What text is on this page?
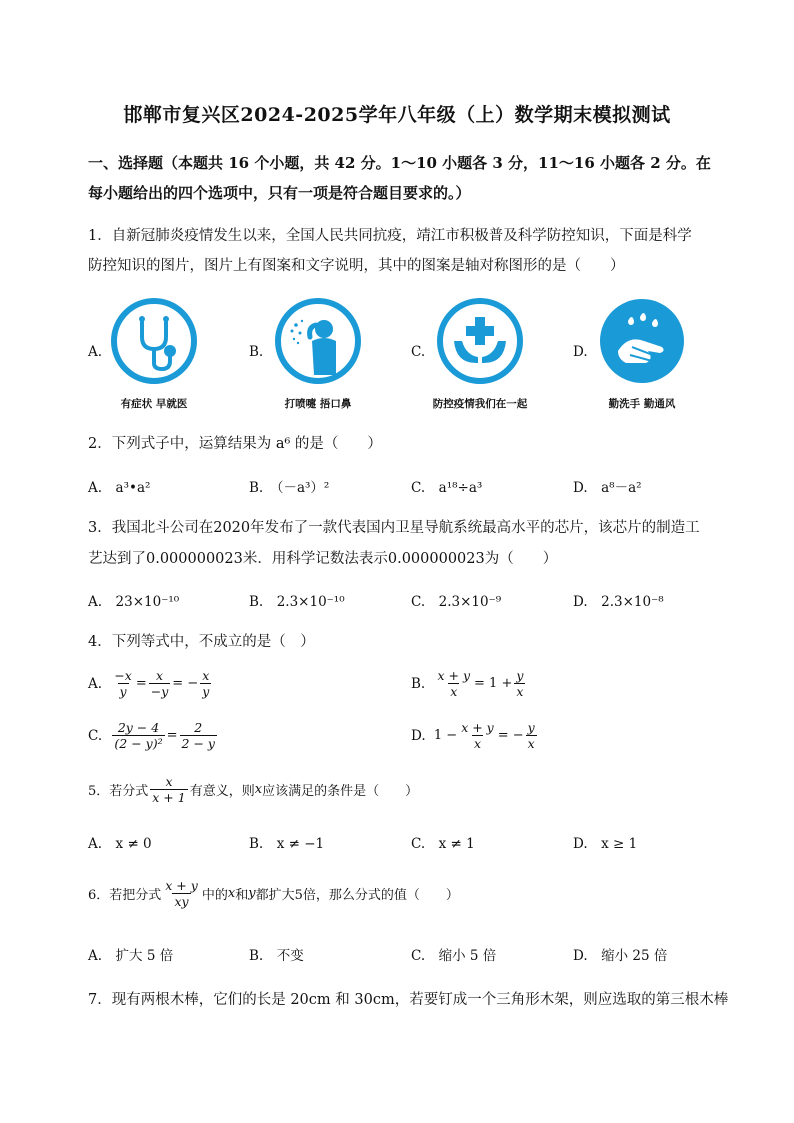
邯郸市复兴区2024-2025学年八年级（上）数学期末模拟测试
一、选择题（本题共 16 个小题，共 42 分。1～10 小题各 3 分，11～16 小题各 2 分。在
每小题给出的四个选项中，只有一项是符合题目要求的。）
1．自新冠肺炎疫情发生以来，全国人民共同抗疫，靖江市积极普及科学防控知识，下面是科学
防控知识的图片，图片上有图案和文字说明，其中的图案是轴对称图形的是（　　）
A.	B.	C.	D.
有症状 早就医	打喷嚏 捂口鼻	防控疫情我们在一起	勤洗手 勤通风
2．下列式子中，运算结果为 a⁶ 的是（　　）
A.　a³•a²	B.　（－a³）²	C.　a¹⁸÷a³	D.　a⁸－a²
3．我国北斗公司在2020年发布了一款代表国内卫星导航系统最高水平的芯片，该芯片的制造工
艺达到了0.000000023米．用科学记数法表示0.000000023为（　　）
A.　23×10⁻¹⁰	B.　2.3×10⁻¹⁰	C.　2.3×10⁻⁹	D.　2.3×10⁻⁸
4．下列等式中，不成立的是（　）
A.
$\frac{-x}{y} = \frac{x}{-y}$ = − $\frac{x}{y}$	B.
$\frac{x + y}{x} = 1 + \frac{y}{x}$
C.
$\frac{2y - 4}{\text{(2 − y)²}} = \frac{2}{2 - y}$	D.
$1 - \frac{x + y}{x}$ = − $\frac{y}{x}$
5．若分式 $\frac{x}{x + 1}$ 有意义，则 x 应该满足的条件是（　　）
A.　x ≠ 0	B.　x ≠ −1	C.　x ≠ 1	D.　x ≥ 1
6．若把分式 $\frac{x + y}{xy}$ 中的 x 和 y 都扩大5倍，那么分式的值（　　）
A.　扩大 5 倍	B.　不变	C.　缩小 5 倍	D.　缩小 25 倍
7．现有两根木棒，它们的长是 20cm 和 30cm，若要钉成一个三角形木架，则应选取的第三根木棒
